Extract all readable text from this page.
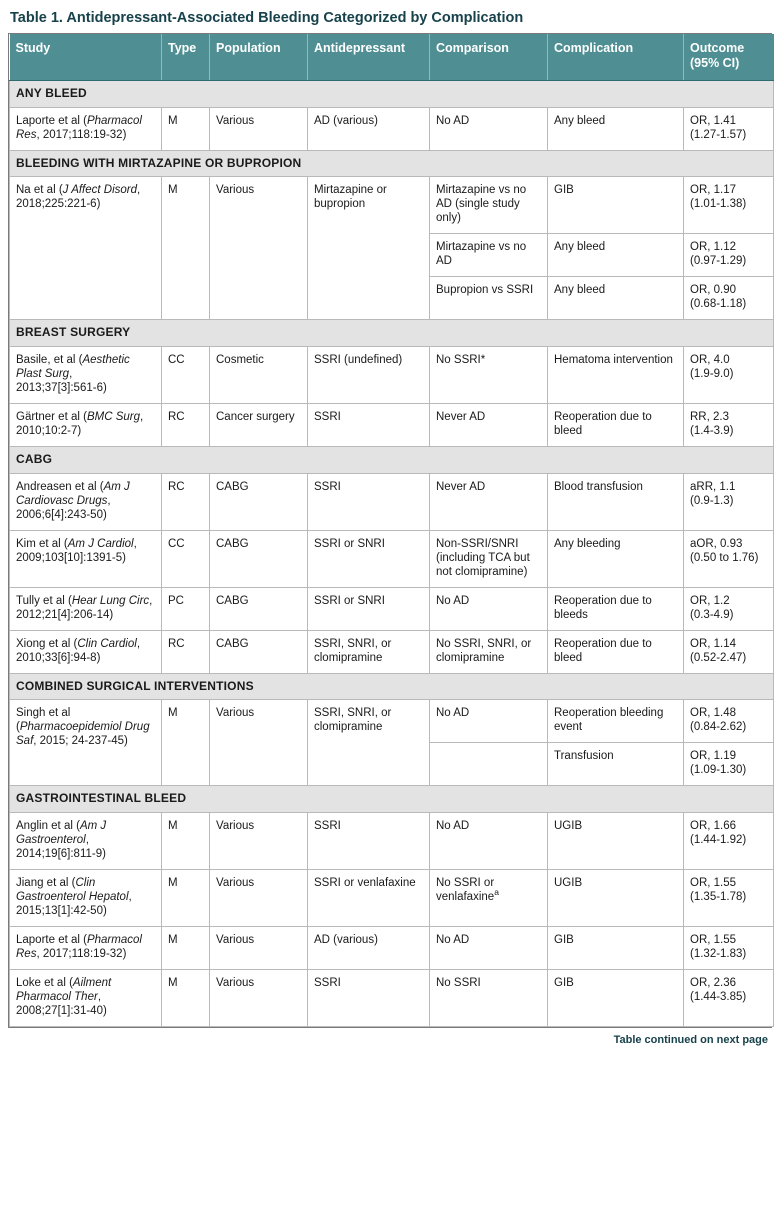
Table 1. Antidepressant-Associated Bleeding Categorized by Complication
Study	Type	Population	Antidepressant	Comparison	Complication	Outcome (95% CI)
ANY BLEED						
Laporte et al (Pharmacol Res, 2017;118:19-32)	M	Various	AD (various)	No AD	Any bleed	OR, 1.41
(1.27-1.57)
BLEEDING WITH MIRTAZAPINE OR BUPROPION						
Na et al (J Affect Disord, 2018;225:221-6)	M	Various	Mirtazapine or bupropion	Mirtazapine vs no AD (single study only)	GIB	OR, 1.17
(1.01-1.38)
				Mirtazapine vs no AD	Any bleed	OR, 1.12
(0.97-1.29)
				Bupropion vs SSRI	Any bleed	OR, 0.90
(0.68-1.18)
BREAST SURGERY						
Basile, et al (Aesthetic Plast Surg, 2013;37[3]:561-6)	CC	Cosmetic	SSRI (undefined)	No SSRI*	Hematoma intervention	OR, 4.0
(1.9-9.0)
Gärtner et al (BMC Surg, 2010;10:2-7)	RC	Cancer surgery	SSRI	Never AD	Reoperation due to bleed	RR, 2.3
(1.4-3.9)
CABG						
Andreasen et al (Am J Cardiovasc Drugs, 2006;6[4]:243-50)	RC	CABG	SSRI	Never AD	Blood transfusion	aRR, 1.1
(0.9-1.3)
Kim et al (Am J Cardiol, 2009;103[10]:1391-5)	CC	CABG	SSRI or SNRI	Non-SSRI/SNRI (including TCA but not clomipramine)	Any bleeding	aOR, 0.93
(0.50 to 1.76)
Tully et al (Hear Lung Circ, 2012;21[4]:206-14)	PC	CABG	SSRI or SNRI	No AD	Reoperation due to bleeds	OR, 1.2
(0.3-4.9)
Xiong et al (Clin Cardiol, 2010;33[6]:94-8)	RC	CABG	SSRI, SNRI, or clomipramine	No SSRI, SNRI, or clomipramine	Reoperation due to bleed	OR, 1.14
(0.52-2.47)
COMBINED SURGICAL INTERVENTIONS						
Singh et al (Pharmacoepidemiol Drug Saf, 2015; 24-237-45)	M	Various	SSRI, SNRI, or clomipramine	No AD	Reoperation bleeding event	OR, 1.48
(0.84-2.62)
					Transfusion	OR, 1.19
(1.09-1.30)
GASTROINTESTINAL BLEED						
Anglin et al (Am J Gastroenterol, 2014;19[6]:811-9)	M	Various	SSRI	No AD	UGIB	OR, 1.66
(1.44-1.92)
Jiang et al (Clin Gastroenterol Hepatol, 2015;13[1]:42-50)	M	Various	SSRI or venlafaxine	No SSRI or venlafaxine$^a$	UGIB	OR, 1.55
(1.35-1.78)
Laporte et al (Pharmacol Res, 2017;118:19-32)	M	Various	AD (various)	No AD	GIB	OR, 1.55
(1.32-1.83)
Loke et al (Ailment Pharmacol Ther, 2008;27[1]:31-40)	M	Various	SSRI	No SSRI	GIB	OR, 2.36
(1.44-3.85)
Table continued on next page
